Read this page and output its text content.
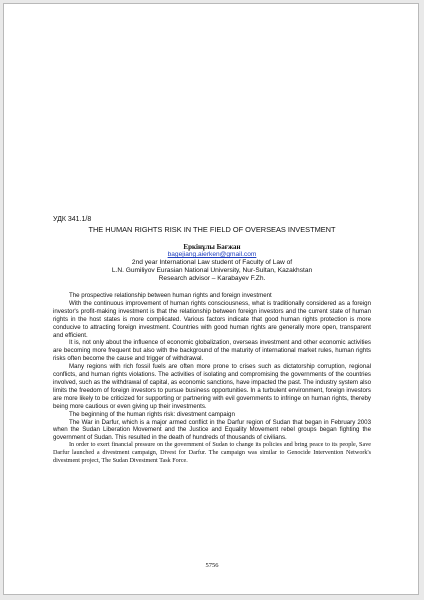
УДК 341.1/8

THE HUMAN RIGHTS RISK IN THE FIELD OF OVERSEAS INVESTMENT

Еркінұлы Бағжан

bagejiang.aierken@gmail.com

2nd year International Law student of Faculty of Law of

L.N. Gumiliyov Eurasian National University, Nur-Sultan, Kazakhstan

Research advisor – Karabayev F.Zh.

The prospective relationship between human rights and foreign investment

With the continuous improvement of human rights consciousness, what is traditionally considered as a foreign investor's profit-making investment is that the relationship between foreign investors and the current state of human rights in the host states is more complicated. Various factors indicate that good human rights protection is more conducive to attracting foreign investment. Countries with good human rights are generally more open, transparent and efficient.

It is, not only about the influence of economic globalization, overseas investment and other economic activities are becoming more frequent but also with the background of the maturity of international market rules, human rights risks often become the cause and trigger of withdrawal.

Many regions with rich fossil fuels are often more prone to crises such as dictatorship corruption, regional conflicts, and human rights violations. The activities of isolating and compromising the governments of the countries involved, such as the withdrawal of capital, as economic sanctions, have impacted the past. The industry system also limits the freedom of foreign investors to pursue business opportunities. In a turbulent environment, foreign investors are more likely to be criticized for supporting or partnering with evil governments to infringe on human rights, thereby being more cautious or even giving up their investments.

The beginning of the human rights risk: divestment campaign

The War in Darfur, which is a major armed conflict in the Darfur region of Sudan that began in February 2003 when the Sudan Liberation Movement and the Justice and Equality Movement rebel groups began fighting the government of Sudan. This resulted in the death of hundreds of thousands of civilians.

In order to exert financial pressure on the government of Sudan to change its policies and bring peace to its people, Save Darfur launched a divestment campaign, Divest for Darfur. The campaign was similar to Genocide Intervention Network's divestment project, The Sudan Divestment Task Force.

5756
